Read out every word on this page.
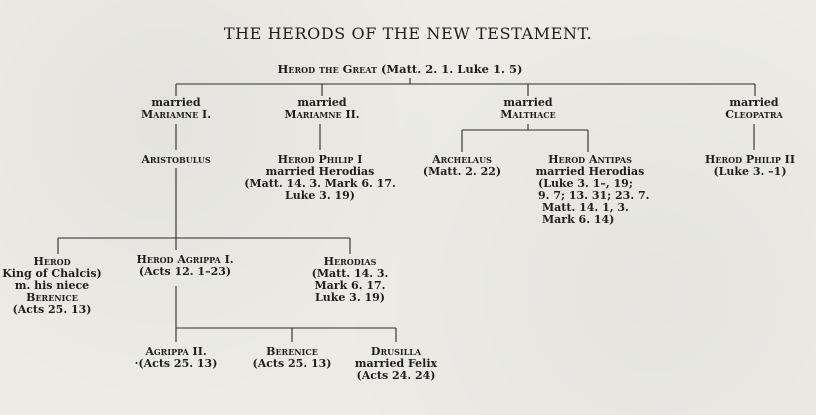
THE HERODS OF THE NEW TESTAMENT.
Herod the Great (Matt. 2. 1. Luke 1. 5)
married
Mariamne I.
married
Mariamne II.
married
Malthace
married
Cleopatra
Aristobulus	Herod Philip I
married Herodias
(Matt. 14. 3. Mark 6. 17.
Luke 3. 19)
Archelaus
(Matt. 2. 22)
Herod Antipas
married Herodias
(Luke 3. 1–, 19;
9. 7; 13. 31; 23. 7.
Matt. 14. 1, 3.
Mark 6. 14)
Herod Philip II
(Luke 3. –1)
Herod
King of Chalcis)
m. his niece
Berenice
(Acts 25. 13)
Herod Agrippa I.
(Acts 12. 1–23)
Herodias
(Matt. 14. 3.
Mark 6. 17.
Luke 3. 19)
Agrippa II.
·(Acts 25. 13)
Berenice
(Acts 25. 13)
Drusilla
married Felix
(Acts 24. 24)
